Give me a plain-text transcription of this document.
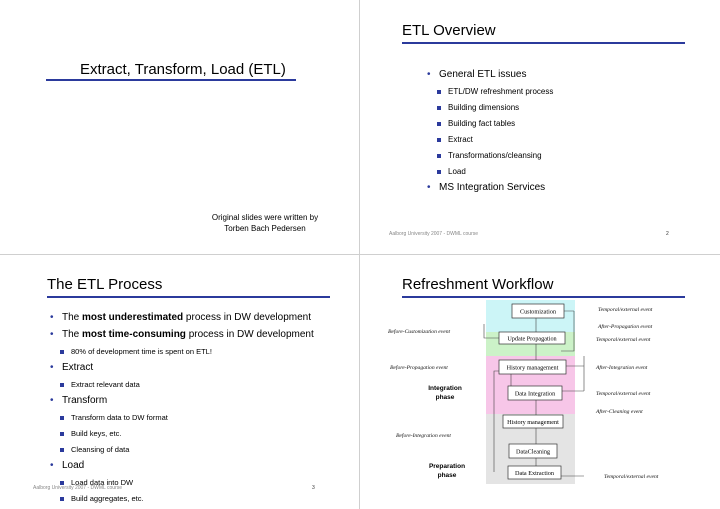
Extract, Transform, Load (ETL)
Original slides were written by
Torben Bach Pedersen
ETL Overview
• General ETL issues
ETL/DW refreshment process
Building dimensions
Building fact tables
Extract
Transformations/cleansing
Load
• MS Integration Services
Aalborg University 2007 - DWML course	2
The ETL Process
• The most underestimated process in DW development
• The most time-consuming process in DW development
80% of development time is spent on ETL!
• Extract
Extract relevant data
• Transform
Transform data to DW format
Build keys, etc.
Cleansing of data
• Load
Load data into DW
Build aggregates, etc.
Aalborg University 2007 - DWML course	3
Refreshment Workflow
Customization
Update Propagation
History management
Data Integration
History management
DataCleaning
Data Extraction
Temporal/external event
After-Propagation event
Before-Customization event
Temporal/external event
Before-Propagation event	After-Integration event
Temporal/external event
After-Cleaning event
Before-Integration event
Temporal/external event
Integration
phase
Preparation
phase
